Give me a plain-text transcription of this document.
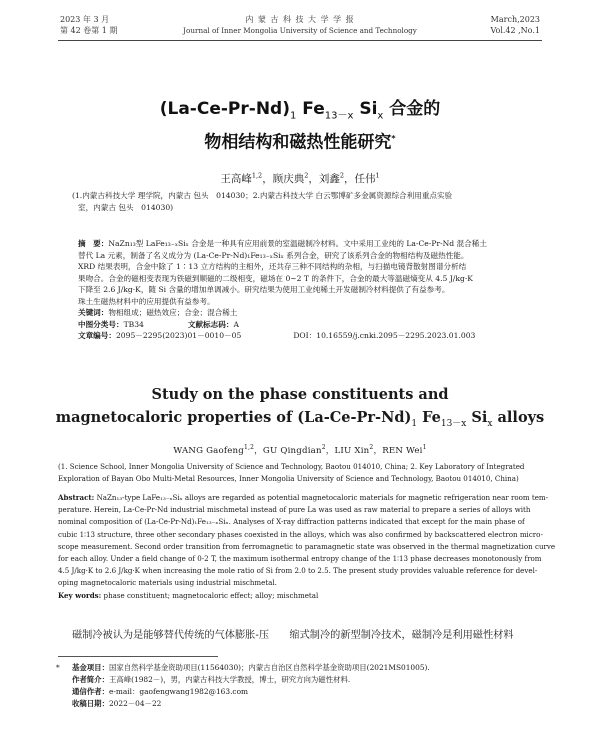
2023 年 3 月
第 42 卷第 1 期
内 蒙 古 科 技 大 学 学 报
Journal of Inner Mongolia University of Science and Technology
March,2023
Vol.42 ,No.1
$(La-Ce-Pr-Nd)_1$ $Fe_{13-x}$ $Si_x$ 合金的
物相结构和磁热性能研究*
王高峰$^{1,2}$，顾庆典$^2$，刘鑫$^2$，任伟$^1$
(1.内蒙古科技大学 理学院，内蒙古 包头　014030；2.内蒙古科技大学 白云鄂博矿多金属资源综合利用重点实验
室，内蒙古 包头　014030)
摘　要：NaZn₁₃型 LaFe₁₃₋ₓSiₓ 合金是一种具有应用前景的室温磁制冷材料。文中采用工业纯的 La-Ce-Pr-Nd 混合稀土
替代 La 元素，制备了名义成分为 (La-Ce-Pr-Nd)₁Fe₁₃₋ₓSiₓ 系列合金，研究了该系列合金的物相结构及磁热性能。
XRD 结果表明，合金中除了 1∶13 立方结构的主相外，还共存三种不同结构的杂相，与扫描电镜背散射图谱分析结
果吻合。合金的磁相变表现为铁磁到顺磁的二级相变，磁场在 0~2 T 的条件下，合金的最大等温磁熵变从 4.5 J/kg·K
下降至 2.6 J/kg·K，随 Si 含量的增加单调减小。研究结果为使用工业纯稀土开发磁制冷材料提供了有益参考。
珠土生磁热材料中的应用提供有益参考。
关键词：物相组成；磁热效应；合金；混合稀土
中图分类号：TB34	文献标志码：A
文章编号：2095－2295(2023)01－0010－05	DOI：10.16559/j.cnki.2095－2295.2023.01.003
Study on the phase constituents and
magnetocaloric properties of $(La-Ce-Pr-Nd)_1$ $Fe_{13-x}$ $Si_x$ alloys
WANG Gaofeng$^{1,2}$，GU Qingdian$^2$，LIU Xin$^2$，REN Wei$^1$
(1. Science School, Inner Mongolia University of Science and Technology, Baotou 014010, China; 2. Key Laboratory of Integrated
Exploration of Bayan Obo Multi-Metal Resources, Inner Mongolia University of Science and Technology, Baotou 014010, China)
Abstract: NaZn₁₃-type LaFe₁₃₋ₓSiₓ alloys are regarded as potential magnetocaloric materials for magnetic refrigeration near room tem-
perature. Herein, La-Ce-Pr-Nd industrial mischmetal instead of pure La was used as raw material to prepare a series of alloys with
nominal composition of (La-Ce-Pr-Nd)₁Fe₁₃₋ₓSiₓ. Analyses of X-ray diffraction patterns indicated that except for the main phase of
cubic 1∶13 structure, three other secondary phases coexisted in the alloys, which was also confirmed by backscattered electron micro-
scope measurement. Second order transition from ferromagnetic to paramagnetic state was observed in the thermal magnetization curve
for each alloy. Under a field change of 0-2 T, the maximum isothermal entropy change of the 1∶13 phase decreases monotonously from
4.5 J/kg·K to 2.6 J/kg·K when increasing the mole ratio of Si from 2.0 to 2.5. The present study provides valuable reference for devel-
oping magnetocaloric materials using industrial mischmetal.
Key words: phase constituent; magnetocaloric effect; alloy; mischmetal
磁制冷被认为是能够替代传统的气体膨胀-压　　缩式制冷的新型制冷技术，磁制冷是利用磁性材料
* 基金项目：国家自然科学基金资助项目(11564030)；内蒙古自治区自然科学基金资助项目(2021MS01005).
作者简介：王高峰(1982－)，男，内蒙古科技大学教授，博士，研究方向为磁性材料.
通信作者：e-mail：gaofengwang1982@163.com
收稿日期：2022－04－22
